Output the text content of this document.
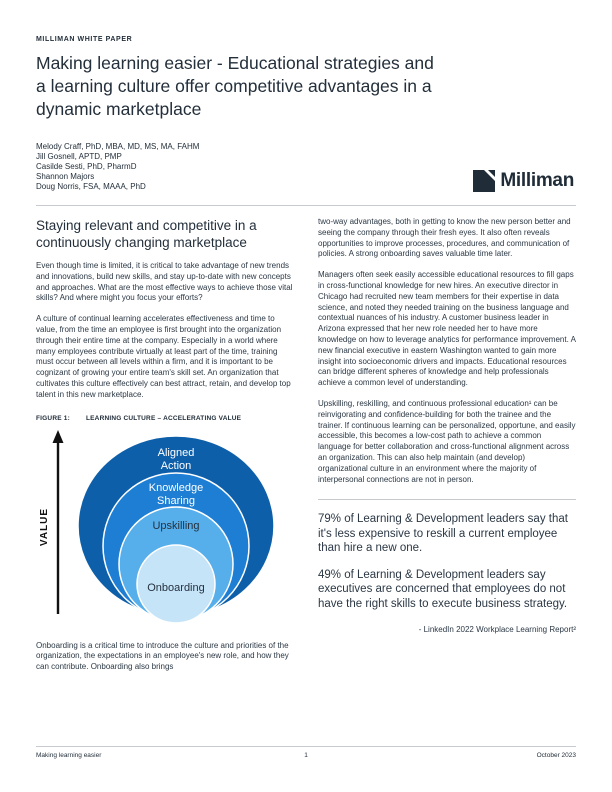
MILLIMAN WHITE PAPER
Making learning easier - Educational strategies and a learning culture offer competitive advantages in a dynamic marketplace
Melody Craff, PhD, MBA, MD, MS, MA, FAHM
Jill Gosnell, APTD, PMP
Casilde Sesti, PhD, PharmD
Shannon Majors
Doug Norris, FSA, MAAA, PhD	Milliman
Staying relevant and competitive in a continuously changing marketplace

Even though time is limited, it is critical to take advantage of new trends and innovations, build new skills, and stay up-to-date with new concepts and approaches. What are the most effective ways to achieve those vital skills? And where might you focus your efforts?

A culture of continual learning accelerates effectiveness and time to value, from the time an employee is first brought into the organization through their entire time at the company. Especially in a world where many employees contribute virtually at least part of the time, training must occur between all levels within a firm, and it is important to be cognizant of growing your entire team's skill set. An organization that cultivates this culture effectively can best attract, retain, and develop top talent in this new marketplace.

FIGURE 1: LEARNING CULTURE – ACCELERATING VALUE
VALUE
Aligned
Action
Knowledge
Sharing
Upskilling
Onboarding

Onboarding is a critical time to introduce the culture and priorities of the organization, the expectations in an employee's new role, and how they can contribute. Onboarding also brings

two-way advantages, both in getting to know the new person better and seeing the company through their fresh eyes. It also often reveals opportunities to improve processes, procedures, and communication of policies. A strong onboarding saves valuable time later.

Managers often seek easily accessible educational resources to fill gaps in cross-functional knowledge for new hires. An executive director in Chicago had recruited new team members for their expertise in data science, and noted they needed training on the business language and contextual nuances of his industry. A customer business leader in Arizona expressed that her new role needed her to have more knowledge on how to leverage analytics for performance improvement. A new financial executive in eastern Washington wanted to gain more insight into socioeconomic drivers and impacts. Educational resources can bridge different spheres of knowledge and help professionals achieve a common level of understanding.

Upskilling, reskilling, and continuous professional education¹ can be reinvigorating and confidence-building for both the trainee and the trainer. If continuous learning can be personalized, opportune, and easily accessible, this becomes a low-cost path to achieve a common language for better collaboration and cross-functional alignment across an organization. This can also help maintain (and develop) organizational culture in an environment where the majority of interpersonal connections are not in person.

79% of Learning & Development leaders say that it's less expensive to reskill a current employee than hire a new one.

49% of Learning & Development leaders say executives are concerned that employees do not have the right skills to execute business strategy.

- LinkedIn 2022 Workplace Learning Report²
Making learning easier	1	October 2023
